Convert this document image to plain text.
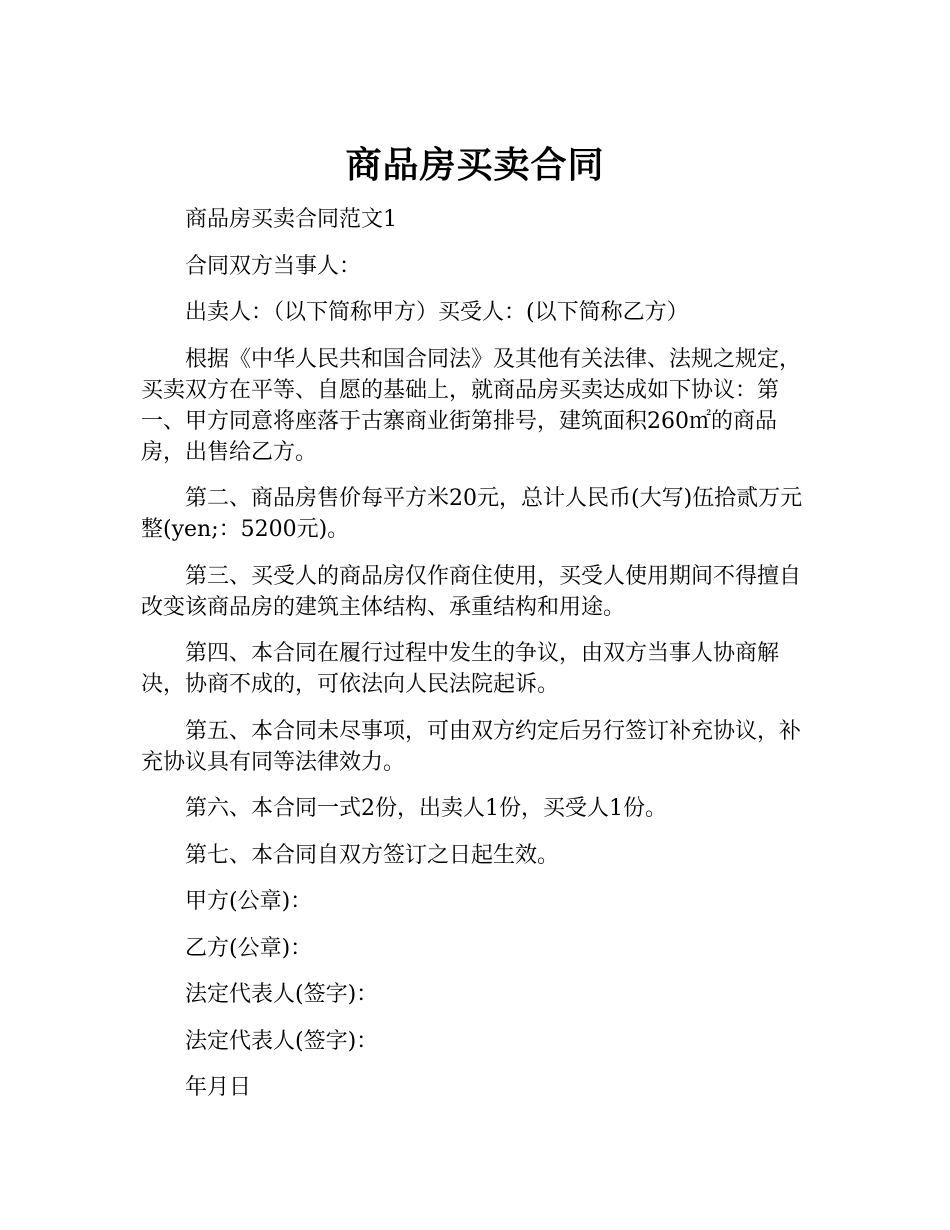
商品房买卖合同

商品房买卖合同范文1

合同双方当事人：

出卖人：（以下简称甲方）买受人：(以下简称乙方）

根据《中华人民共和国合同法》及其他有关法律、法规之规定，买卖双方在平等、自愿的基础上，就商品房买卖达成如下协议：第一、甲方同意将座落于古寨商业街第排号，建筑面积260㎡的商品房，出售给乙方。

第二、商品房售价每平方米20元，总计人民币(大写)伍拾贰万元整(yen;：5200元)。

第三、买受人的商品房仅作商住使用，买受人使用期间不得擅自改变该商品房的建筑主体结构、承重结构和用途。

第四、本合同在履行过程中发生的争议，由双方当事人协商解决，协商不成的，可依法向人民法院起诉。

第五、本合同未尽事项，可由双方约定后另行签订补充协议，补充协议具有同等法律效力。

第六、本合同一式2份，出卖人1份，买受人1份。

第七、本合同自双方签订之日起生效。

甲方(公章)：

乙方(公章)：

法定代表人(签字)：

法定代表人(签字)：

年月日
